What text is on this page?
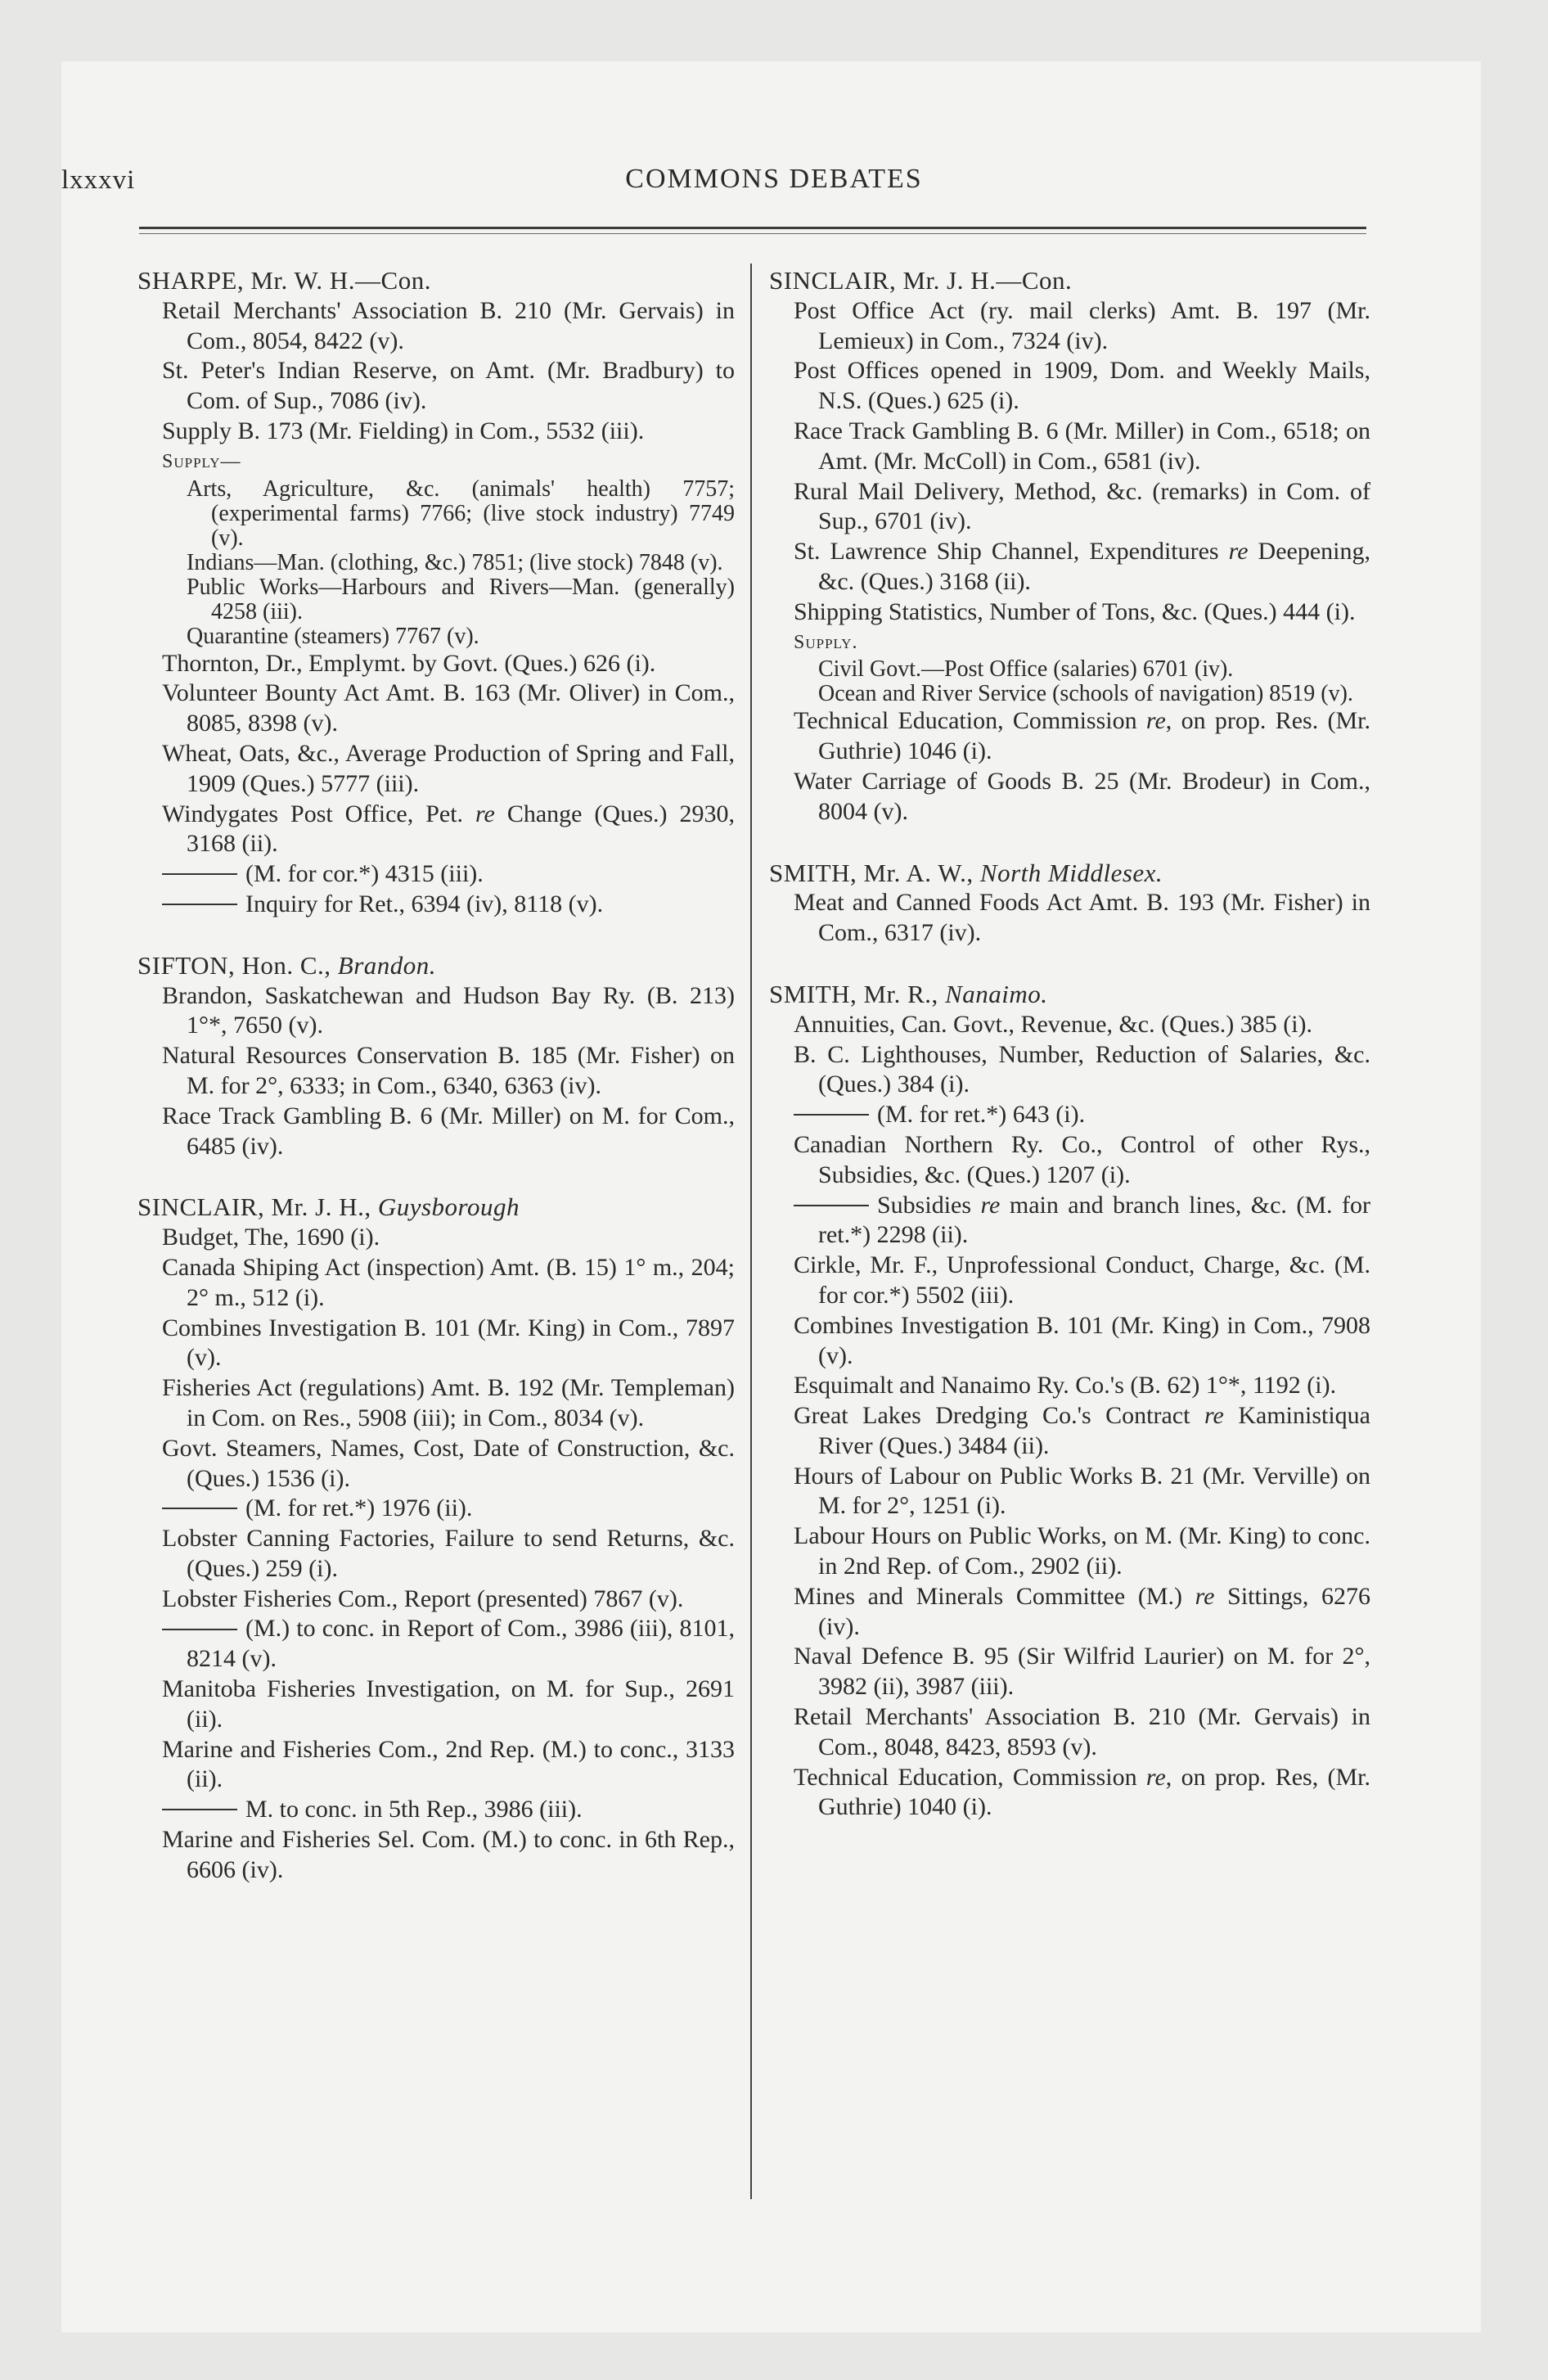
lxxxvi	COMMONS DEBATES

SHARPE, Mr. W. H.—Con.

Retail Merchants' Association B. 210 (Mr. Gervais) in Com., 8054, 8422 (v).

St. Peter's Indian Reserve, on Amt. (Mr. Bradbury) to Com. of Sup., 7086 (iv).

Supply B. 173 (Mr. Fielding) in Com., 5532 (iii).

Supply—

Arts, Agriculture, &c. (animals' health) 7757; (experimental farms) 7766; (live stock industry) 7749 (v).

Indians—Man. (clothing, &c.) 7851; (live stock) 7848 (v).

Public Works—Harbours and Rivers—Man. (generally) 4258 (iii).

Quarantine (steamers) 7767 (v).

Thornton, Dr., Emplymt. by Govt. (Ques.) 626 (i).

Volunteer Bounty Act Amt. B. 163 (Mr. Oliver) in Com., 8085, 8398 (v).

Wheat, Oats, &c., Average Production of Spring and Fall, 1909 (Ques.) 5777 (iii).

Windygates Post Office, Pet. re Change (Ques.) 2930, 3168 (ii).

(M. for cor.*) 4315 (iii).

Inquiry for Ret., 6394 (iv), 8118 (v).

SIFTON, Hon. C., Brandon.

Brandon, Saskatchewan and Hudson Bay Ry. (B. 213) 1°*, 7650 (v).

Natural Resources Conservation B. 185 (Mr. Fisher) on M. for 2°, 6333; in Com., 6340, 6363 (iv).

Race Track Gambling B. 6 (Mr. Miller) on M. for Com., 6485 (iv).

SINCLAIR, Mr. J. H., Guysborough

Budget, The, 1690 (i).

Canada Shiping Act (inspection) Amt. (B. 15) 1° m., 204; 2° m., 512 (i).

Combines Investigation B. 101 (Mr. King) in Com., 7897 (v).

Fisheries Act (regulations) Amt. B. 192 (Mr. Templeman) in Com. on Res., 5908 (iii); in Com., 8034 (v).

Govt. Steamers, Names, Cost, Date of Construction, &c. (Ques.) 1536 (i).

(M. for ret.*) 1976 (ii).

Lobster Canning Factories, Failure to send Returns, &c. (Ques.) 259 (i).

Lobster Fisheries Com., Report (presented) 7867 (v).

(M.) to conc. in Report of Com., 3986 (iii), 8101, 8214 (v).

Manitoba Fisheries Investigation, on M. for Sup., 2691 (ii).

Marine and Fisheries Com., 2nd Rep. (M.) to conc., 3133 (ii).

M. to conc. in 5th Rep., 3986 (iii).

Marine and Fisheries Sel. Com. (M.) to conc. in 6th Rep., 6606 (iv).

SINCLAIR, Mr. J. H.—Con.

Post Office Act (ry. mail clerks) Amt. B. 197 (Mr. Lemieux) in Com., 7324 (iv).

Post Offices opened in 1909, Dom. and Weekly Mails, N.S. (Ques.) 625 (i).

Race Track Gambling B. 6 (Mr. Miller) in Com., 6518; on Amt. (Mr. McColl) in Com., 6581 (iv).

Rural Mail Delivery, Method, &c. (remarks) in Com. of Sup., 6701 (iv).

St. Lawrence Ship Channel, Expenditures re Deepening, &c. (Ques.) 3168 (ii).

Shipping Statistics, Number of Tons, &c. (Ques.) 444 (i).

Supply.

Civil Govt.—Post Office (salaries) 6701 (iv).

Ocean and River Service (schools of navigation) 8519 (v).

Technical Education, Commission re, on prop. Res. (Mr. Guthrie) 1046 (i).

Water Carriage of Goods B. 25 (Mr. Brodeur) in Com., 8004 (v).

SMITH, Mr. A. W., North Middlesex.

Meat and Canned Foods Act Amt. B. 193 (Mr. Fisher) in Com., 6317 (iv).

SMITH, Mr. R., Nanaimo.

Annuities, Can. Govt., Revenue, &c. (Ques.) 385 (i).

B. C. Lighthouses, Number, Reduction of Salaries, &c. (Ques.) 384 (i).

(M. for ret.*) 643 (i).

Canadian Northern Ry. Co., Control of other Rys., Subsidies, &c. (Ques.) 1207 (i).

Subsidies re main and branch lines, &c. (M. for ret.*) 2298 (ii).

Cirkle, Mr. F., Unprofessional Conduct, Charge, &c. (M. for cor.*) 5502 (iii).

Combines Investigation B. 101 (Mr. King) in Com., 7908 (v).

Esquimalt and Nanaimo Ry. Co.'s (B. 62) 1°*, 1192 (i).

Great Lakes Dredging Co.'s Contract re Kaministiqua River (Ques.) 3484 (ii).

Hours of Labour on Public Works B. 21 (Mr. Verville) on M. for 2°, 1251 (i).

Labour Hours on Public Works, on M. (Mr. King) to conc. in 2nd Rep. of Com., 2902 (ii).

Mines and Minerals Committee (M.) re Sittings, 6276 (iv).

Naval Defence B. 95 (Sir Wilfrid Laurier) on M. for 2°, 3982 (ii), 3987 (iii).

Retail Merchants' Association B. 210 (Mr. Gervais) in Com., 8048, 8423, 8593 (v).

Technical Education, Commission re, on prop. Res, (Mr. Guthrie) 1040 (i).
